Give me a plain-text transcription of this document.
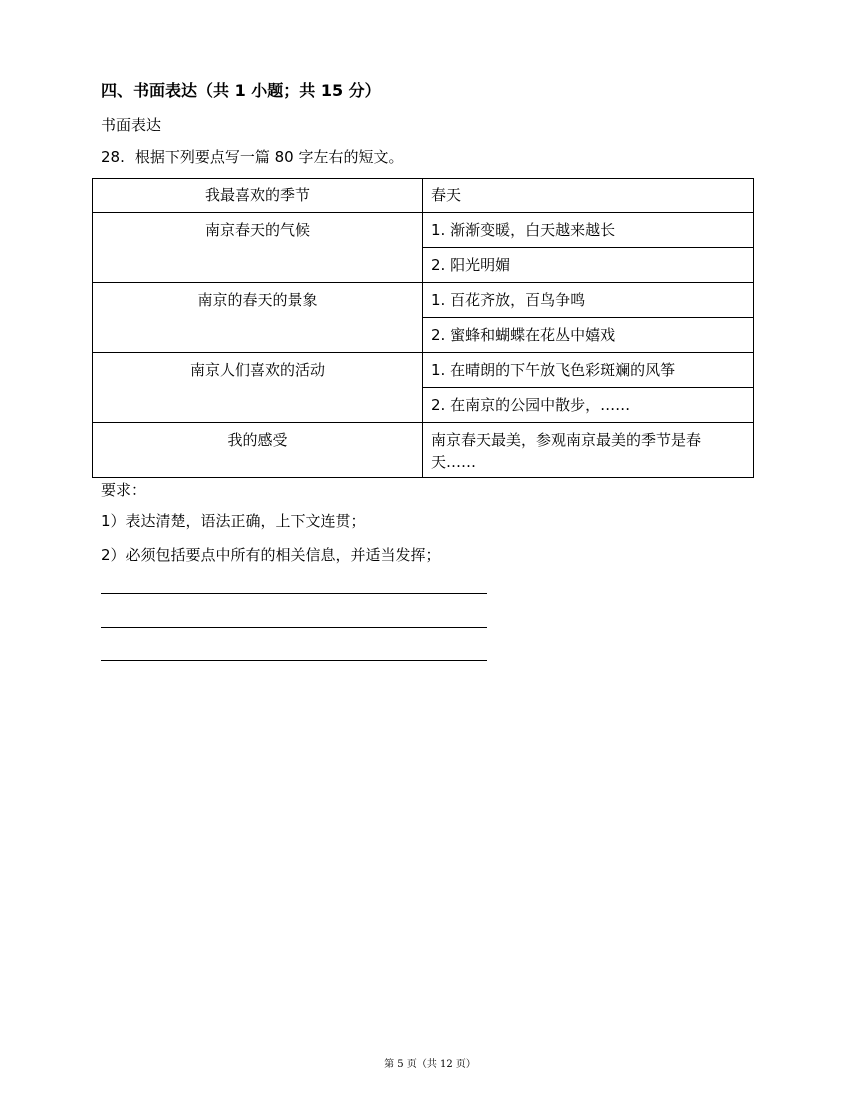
四、书面表达（共 1 小题；共 15 分）
书面表达
28. 根据下列要点写一篇 80 字左右的短文。
我最喜欢的季节	春天
南京春天的气候	1. 渐渐变暖，白天越来越长
	2. 阳光明媚
南京的春天的景象	1. 百花齐放，百鸟争鸣
	2. 蜜蜂和蝴蝶在花丛中嬉戏
南京人们喜欢的活动	1. 在晴朗的下午放飞色彩斑斓的风筝
	2. 在南京的公园中散步，……
我的感受	南京春天最美，参观南京最美的季节是春天……
要求：
1）表达清楚，语法正确，上下文连贯；
2）必须包括要点中所有的相关信息，并适当发挥；
第 5 页（共 12 页）
